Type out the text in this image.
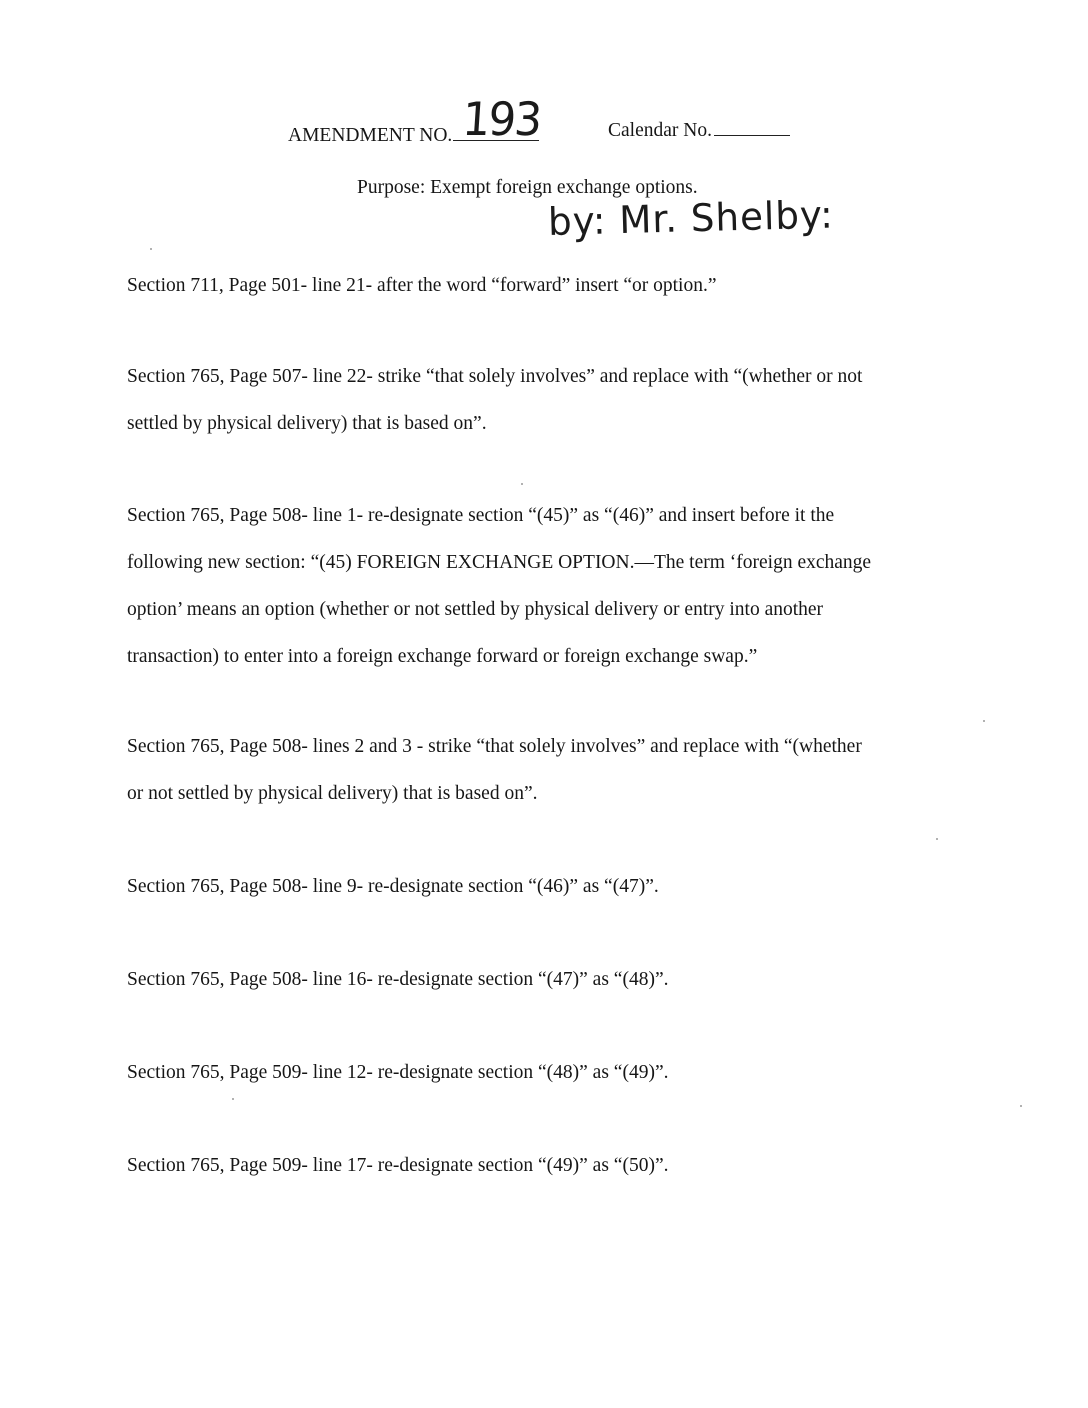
AMENDMENT NO. 193	Calendar No.
Purpose: Exempt foreign exchange options.
by: Mr. Shelby:

Section 711, Page 501- line 21- after the word “forward” insert “or option.”

Section 765, Page 507- line 22- strike “that solely involves” and replace with “(whether or not
settled by physical delivery) that is based on”.

Section 765, Page 508- line 1- re-designate section “(45)” as “(46)” and insert before it the
following new section: “(45) FOREIGN EXCHANGE OPTION.—The term ‘foreign exchange
option’ means an option (whether or not settled by physical delivery or entry into another
transaction) to enter into a foreign exchange forward or foreign exchange swap.”

Section 765, Page 508- lines 2 and 3 - strike “that solely involves” and replace with “(whether
or not settled by physical delivery) that is based on”.

Section 765, Page 508- line 9- re-designate section “(46)” as “(47)”.

Section 765, Page 508- line 16- re-designate section “(47)” as “(48)”.

Section 765, Page 509- line 12- re-designate section “(48)” as “(49)”.

Section 765, Page 509- line 17- re-designate section “(49)” as “(50)”.
